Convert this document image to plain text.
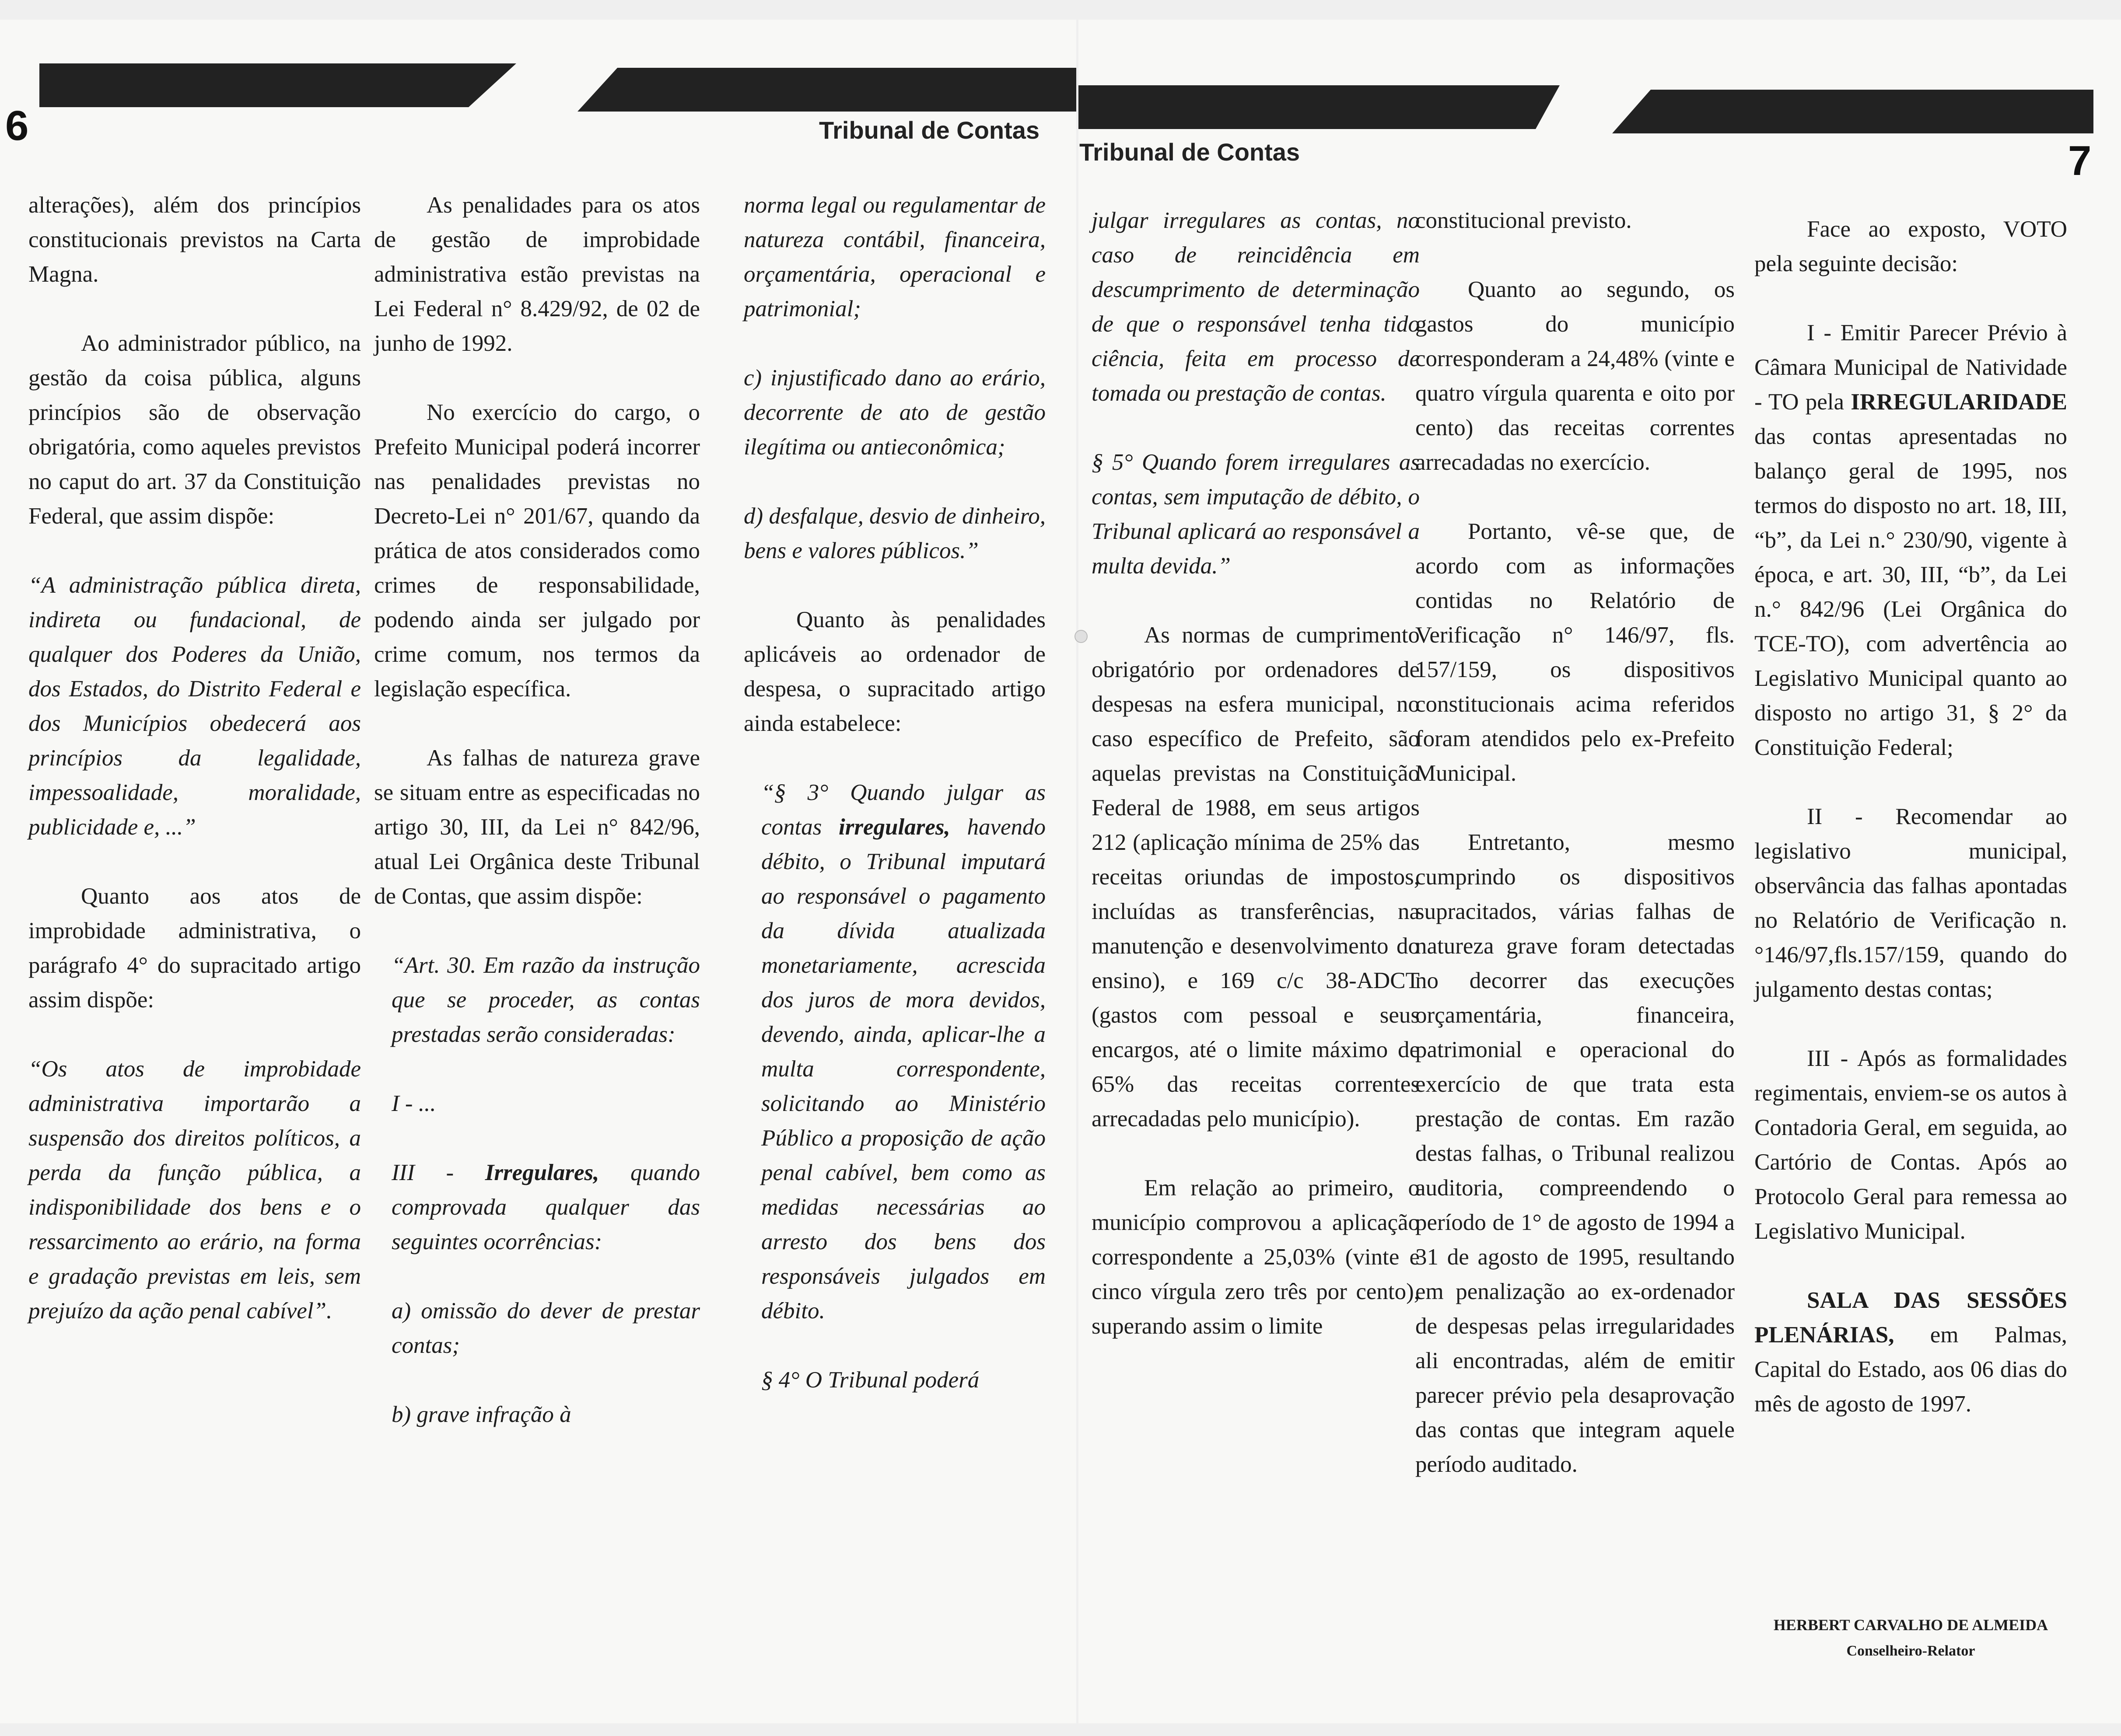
6	Tribunal de Contas

alterações), além dos princípios constitucionais previstos na Carta Magna.

Ao administrador público, na gestão da coisa pública, alguns princípios são de observação obrigatória, como aqueles previstos no caput do art. 37 da Constituição Federal, que assim dispõe:

“A administração pública direta, indireta ou fundacional, de qualquer dos Poderes da União, dos Estados, do Distrito Federal e dos Municípios obedecerá aos princípios da legalidade, impessoalidade, moralidade, publicidade e, ...”

Quanto aos atos de improbidade administrativa, o parágrafo 4° do supracitado artigo assim dispõe:

“Os atos de improbidade administrativa importarão a suspensão dos direitos políticos, a perda da função pública, a indisponibilidade dos bens e o ressarcimento ao erário, na forma e gradação previstas em leis, sem prejuízo da ação penal cabível”.

As penalidades para os atos de gestão de improbidade administrativa estão previstas na Lei Federal n° 8.429/92, de 02 de junho de 1992.

No exercício do cargo, o Prefeito Municipal poderá incorrer nas penalidades previstas no Decreto-Lei n° 201/67, quando da prática de atos considerados como crimes de responsabilidade, podendo ainda ser julgado por crime comum, nos termos da legislação específica.

As falhas de natureza grave se situam entre as especificadas no artigo 30, III, da Lei n° 842/96, atual Lei Orgânica deste Tribunal de Contas, que assim dispõe:

“Art. 30. Em razão da instrução que se proceder, as contas prestadas serão consideradas:

I - ...

III - Irregulares, quando comprovada qualquer das seguintes ocorrências:

a) omissão do dever de prestar contas;

b) grave infração à

norma legal ou regulamentar de natureza contábil, financeira, orçamentária, operacional e patrimonial;

c) injustificado dano ao erário, decorrente de ato de gestão ilegítima ou antieconômica;

d) desfalque, desvio de dinheiro, bens e valores públicos.”

Quanto às penalidades aplicáveis ao ordenador de despesa, o supracitado artigo ainda estabelece:

“§ 3° Quando julgar as contas irregulares, havendo débito, o Tribunal imputará ao responsável o pagamento da dívida atualizada monetariamente, acrescida dos juros de mora devidos, devendo, ainda, aplicar-lhe a multa correspondente, solicitando ao Ministério Público a proposição de ação penal cabível, bem como as medidas necessárias ao arresto dos bens dos responsáveis julgados em débito.

§ 4° O Tribunal poderá

Tribunal de Contas	7

julgar irregulares as contas, no caso de reincidência em descumprimento de determinação de que o responsável tenha tido ciência, feita em processo de tomada ou prestação de contas.

§ 5° Quando forem irregulares as contas, sem imputação de débito, o Tribunal aplicará ao responsável a multa devida.”

As normas de cumprimento obrigatório por ordenadores de despesas na esfera municipal, no caso específico de Prefeito, são aquelas previstas na Constituição Federal de 1988, em seus artigos 212 (aplicação mínima de 25% das receitas oriundas de impostos, incluídas as transferências, na manutenção e desenvolvimento do ensino), e 169 c/c 38-ADCT (gastos com pessoal e seus encargos, até o limite máximo de 65% das receitas correntes arrecadadas pelo município).

Em relação ao primeiro, o município comprovou a aplicação correspondente a 25,03% (vinte e cinco vírgula zero três por cento), superando assim o limite

constitucional previsto.

Quanto ao segundo, os gastos do município corresponderam a 24,48% (vinte e quatro vírgula quarenta e oito por cento) das receitas correntes arrecadadas no exercício.

Portanto, vê-se que, de acordo com as informações contidas no Relatório de Verificação n° 146/97, fls. 157/159, os dispositivos constitucionais acima referidos foram atendidos pelo ex-Prefeito Municipal.

Entretanto, mesmo cumprindo os dispositivos supracitados, várias falhas de natureza grave foram detectadas no decorrer das execuções orçamentária, financeira, patrimonial e operacional do exercício de que trata esta prestação de contas. Em razão destas falhas, o Tribunal realizou auditoria, compreendendo o período de 1° de agosto de 1994 a 31 de agosto de 1995, resultando em penalização ao ex-ordenador de despesas pelas irregularidades ali encontradas, além de emitir parecer prévio pela desaprovação das contas que integram aquele período auditado.

Face ao exposto, VOTO pela seguinte decisão:

I - Emitir Parecer Prévio à Câmara Municipal de Natividade - TO pela IRREGULARIDADE das contas apresentadas no balanço geral de 1995, nos termos do disposto no art. 18, III, “b”, da Lei n.° 230/90, vigente à época, e art. 30, III, “b”, da Lei n.° 842/96 (Lei Orgânica do TCE-TO), com advertência ao Legislativo Municipal quanto ao disposto no artigo 31, § 2° da Constituição Federal;

II - Recomendar ao legislativo municipal, observância das falhas apontadas no Relatório de Verificação n.°146/97,fls.157/159, quando do julgamento destas contas;

III - Após as formalidades regimentais, enviem-se os autos à Contadoria Geral, em seguida, ao Cartório de Contas. Após ao Protocolo Geral para remessa ao Legislativo Municipal.

SALA DAS SESSÕES PLENÁRIAS, em Palmas, Capital do Estado, aos 06 dias do mês de agosto de 1997.

HERBERT CARVALHO DE ALMEIDA

Conselheiro-Relator
